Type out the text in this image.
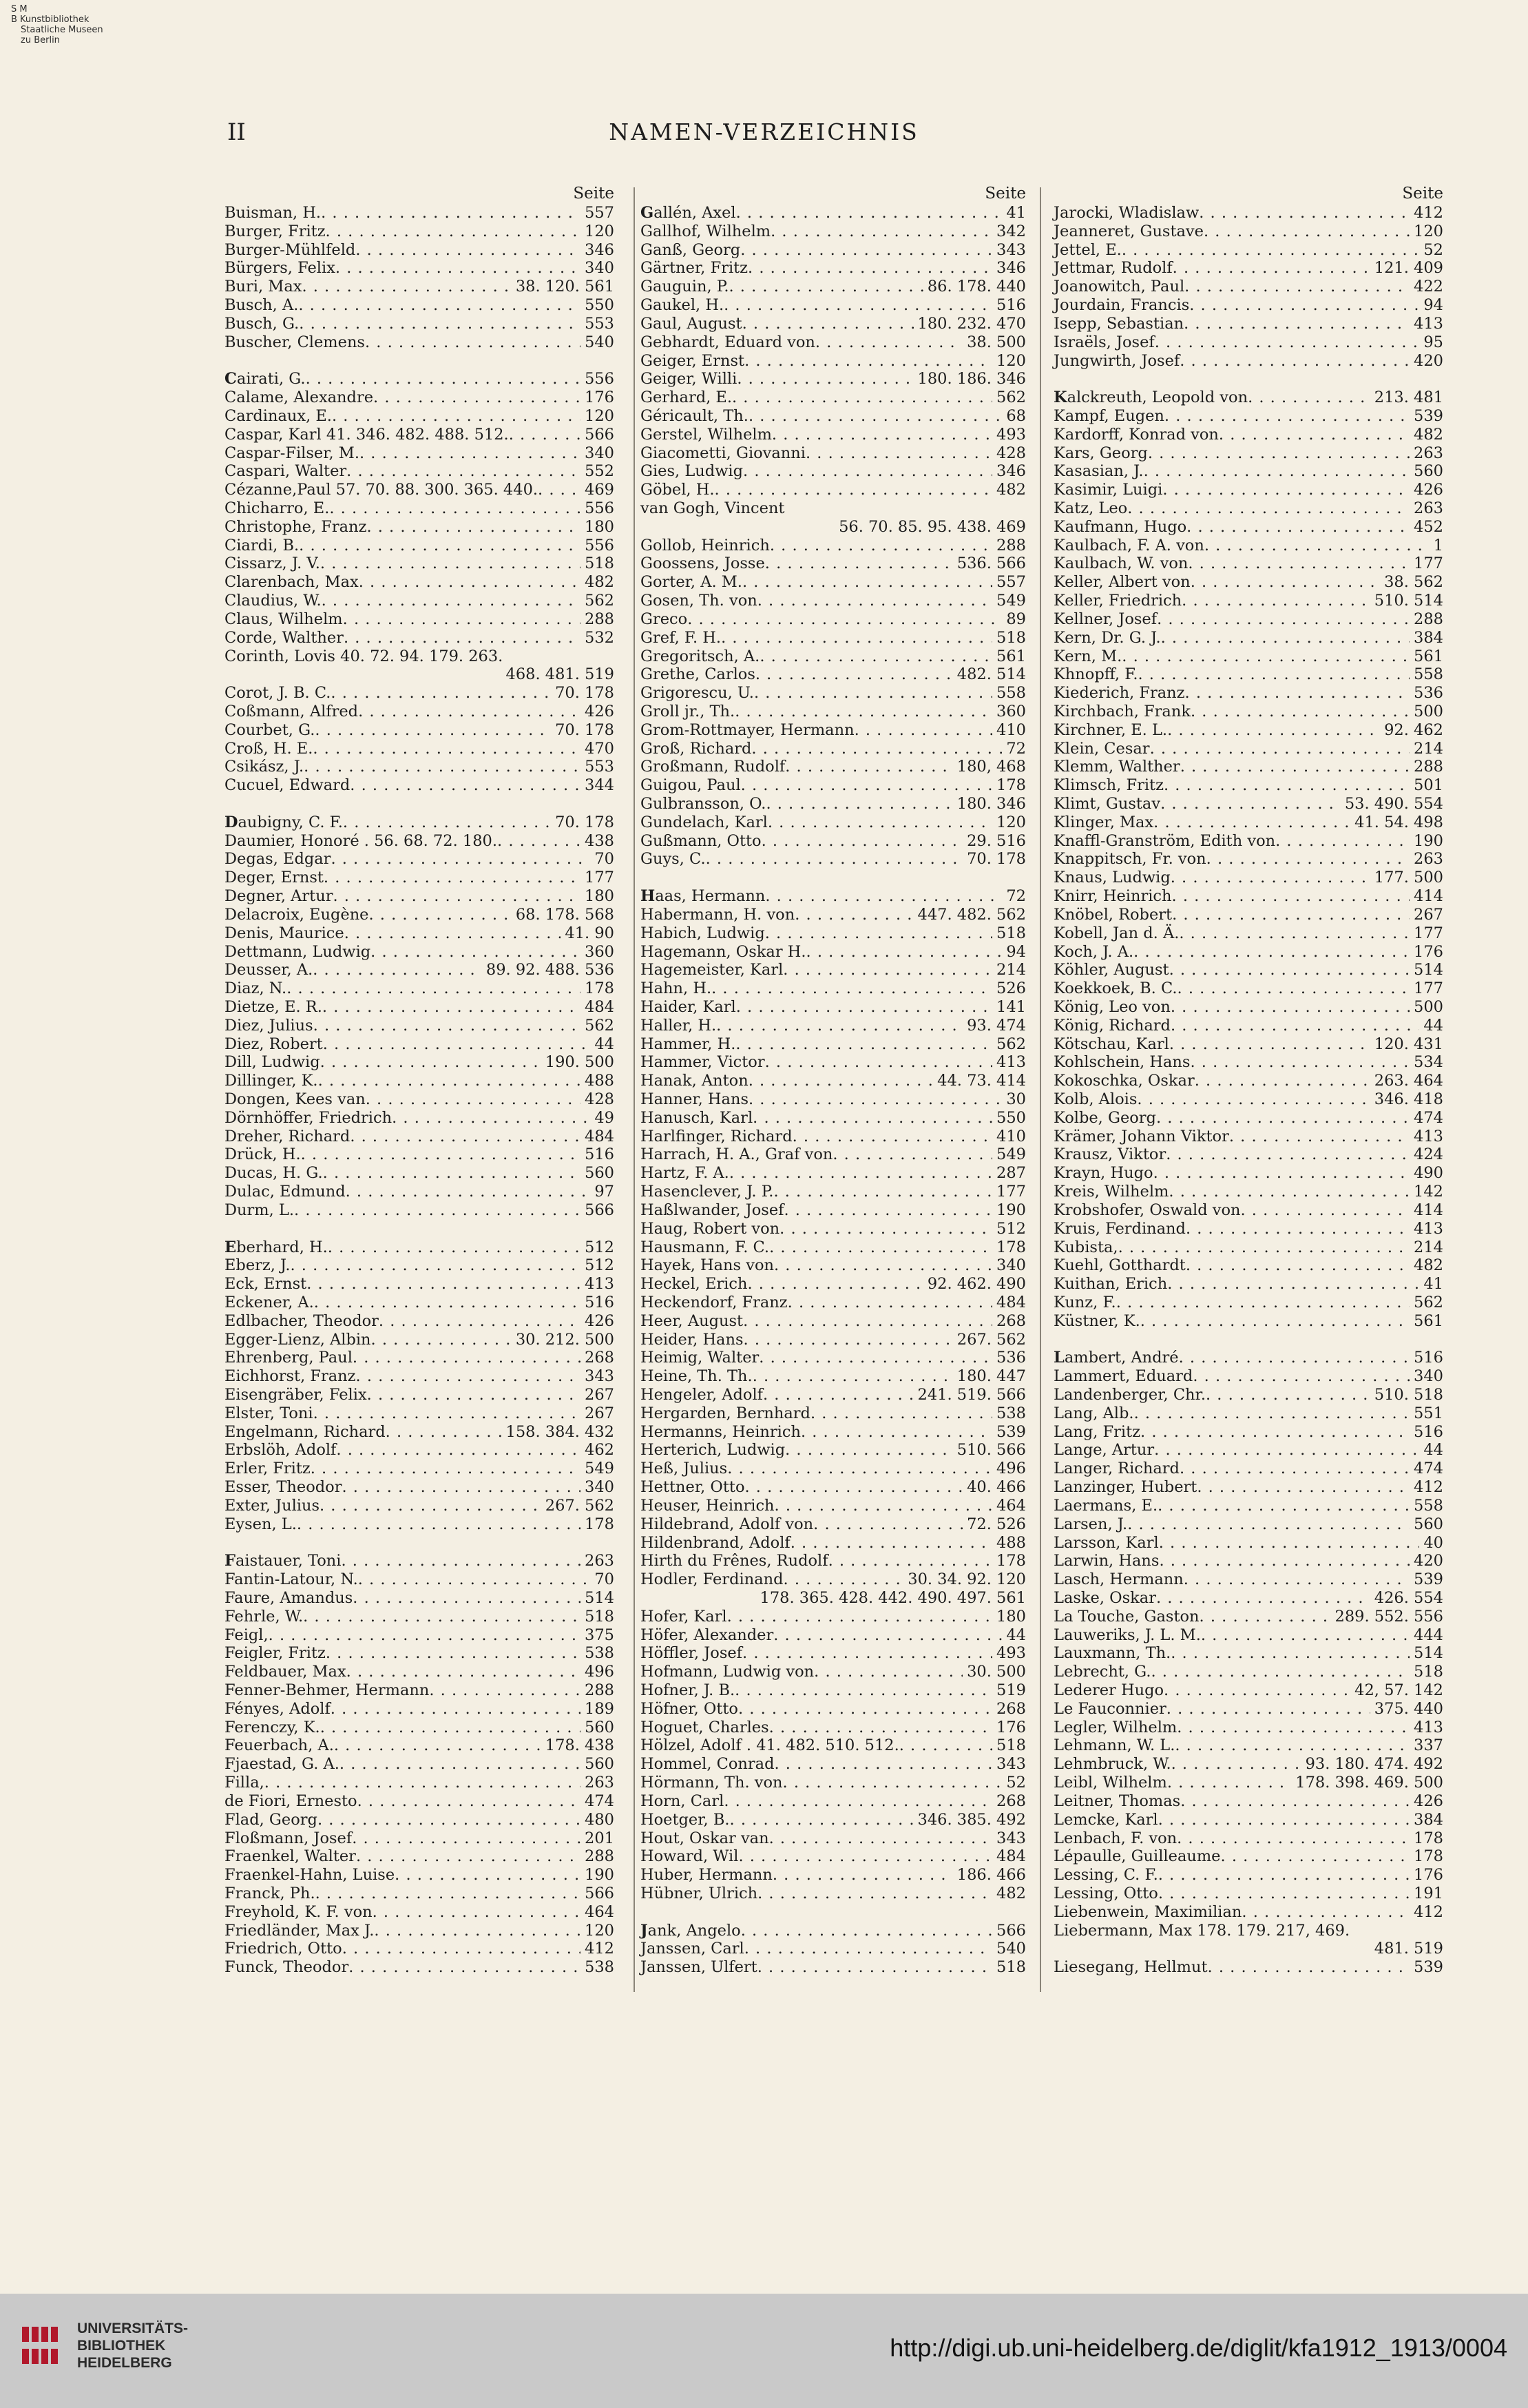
S M
B Kunstbibliothek
Staatliche Museen
zu Berlin
II	NAMEN-VERZEICHNIS
Seite
Buisman, H. . . .	557
Burger, Fritz . . .	120
Burger-Mühlfeld . . .	346
Bürgers, Felix . . .	340
Buri, Max . . .	38. 120. 561
Busch, A. . . .	550
Busch, G. . . .	553
Buscher, Clemens . . .	540
Cairati, G. . . .	556
Calame, Alexandre . . .	176
Cardinaux, E. . . .	120
Caspar, Karl 41. 346. 482. 488. 512. . . .	566
Caspar-Filser, M. . . .	340
Caspari, Walter . . .	552
Cézanne,Paul 57. 70. 88. 300. 365. 440. . . .	469
Chicharro, E. . . .	556
Christophe, Franz . . .	180
Ciardi, B. . . .	556
Cissarz, J. V. . . .	518
Clarenbach, Max . . .	482
Claudius, W. . . .	562
Claus, Wilhelm . . .	288
Corde, Walther . . .	532
Corinth, Lovis 40. 72. 94. 179. 263.
468. 481. 519
Corot, J. B. C. . . .	70. 178
Coßmann, Alfred . . .	426
Courbet, G. . . .	70. 178
Croß, H. E. . . .	470
Csikász, J. . . .	553
Cucuel, Edward . . .	344
Daubigny, C. F. . . .	70. 178
Daumier, Honoré . 56. 68. 72. 180. . . .	438
Degas, Edgar . . .	70
Deger, Ernst . . .	177
Degner, Artur . . .	180
Delacroix, Eugène . . .	68. 178. 568
Denis, Maurice . . .	41. 90
Dettmann, Ludwig . . .	360
Deusser, A. . . .	89. 92. 488. 536
Diaz, N. . . .	178
Dietze, E. R. . . .	484
Diez, Julius . . .	562
Diez, Robert . . .	44
Dill, Ludwig . . .	190. 500
Dillinger, K. . . .	488
Dongen, Kees van . . .	428
Dörnhöffer, Friedrich . . .	49
Dreher, Richard . . .	484
Drück, H. . . .	516
Ducas, H. G. . . .	560
Dulac, Edmund . . .	97
Durm, L. . . .	566
Eberhard, H. . . .	512
Eberz, J. . . .	512
Eck, Ernst . . .	413
Eckener, A. . . .	516
Edlbacher, Theodor . . .	426
Egger-Lienz, Albin . . .	30. 212. 500
Ehrenberg, Paul . . .	268
Eichhorst, Franz . . .	343
Eisengräber, Felix . . .	267
Elster, Toni . . .	267
Engelmann, Richard . . .	158. 384. 432
Erbslöh, Adolf . . .	462
Erler, Fritz . . .	549
Esser, Theodor . . .	340
Exter, Julius . . .	267. 562
Eysen, L. . . .	178
Faistauer, Toni . . .	263
Fantin-Latour, N. . . .	70
Faure, Amandus . . .	514
Fehrle, W. . . .	518
Feigl, . . .	375
Feigler, Fritz . . .	538
Feldbauer, Max . . .	496
Fenner-Behmer, Hermann . . .	288
Fényes, Adolf . . .	189
Ferenczy, K. . . .	560
Feuerbach, A. . . .	178. 438
Fjaestad, G. A. . . .	560
Filla, . . .	263
de Fiori, Ernesto . . .	474
Flad, Georg . . .	480
Floßmann, Josef . . .	201
Fraenkel, Walter . . .	288
Fraenkel-Hahn, Luise . . .	190
Franck, Ph. . . .	566
Freyhold, K. F. von . . .	464
Friedländer, Max J. . . .	120
Friedrich, Otto . . .	412
Funck, Theodor . . .	538
Seite
Gallén, Axel . . .	41
Gallhof, Wilhelm . . .	342
Ganß, Georg . . .	343
Gärtner, Fritz . . .	346
Gauguin, P. . . .	86. 178. 440
Gaukel, H. . . .	516
Gaul, August . . .	180. 232. 470
Gebhardt, Eduard von . . .	38. 500
Geiger, Ernst . . .	120
Geiger, Willi . . .	180. 186. 346
Gerhard, E. . . .	562
Géricault, Th. . . .	68
Gerstel, Wilhelm . . .	493
Giacometti, Giovanni . . .	428
Gies, Ludwig . . .	346
Göbel, H. . . .	482
van Gogh, Vincent
56. 70. 85. 95. 438. 469
Gollob, Heinrich . . .	288
Goossens, Josse . . .	536. 566
Gorter, A. M. . . .	557
Gosen, Th. von . . .	549
Greco . . .	89
Gref, F. H. . . .	518
Gregoritsch, A. . . .	561
Grethe, Carlos . . .	482. 514
Grigorescu, U. . . .	558
Groll jr., Th. . . .	360
Grom-Rottmayer, Hermann . . .	410
Groß, Richard . . .	72
Großmann, Rudolf . . .	180, 468
Guigou, Paul . . .	178
Gulbransson, O. . . .	180. 346
Gundelach, Karl . . .	120
Gußmann, Otto . . .	29. 516
Guys, C. . . .	70. 178
Haas, Hermann . . .	72
Habermann, H. von . . .	447. 482. 562
Habich, Ludwig . . .	518
Hagemann, Oskar H. . . .	94
Hagemeister, Karl . . .	214
Hahn, H. . . .	526
Haider, Karl . . .	141
Haller, H. . . .	93. 474
Hammer, H. . . .	562
Hammer, Victor . . .	413
Hanak, Anton . . .	44. 73. 414
Hanner, Hans . . .	30
Hanusch, Karl . . .	550
Harlfinger, Richard . . .	410
Harrach, H. A., Graf von . . .	549
Hartz, F. A. . . .	287
Hasenclever, J. P. . . .	177
Haßlwander, Josef . . .	190
Haug, Robert von . . .	512
Hausmann, F. C. . . .	178
Hayek, Hans von . . .	340
Heckel, Erich . . .	92. 462. 490
Heckendorf, Franz . . .	484
Heer, August . . .	268
Heider, Hans . . .	267. 562
Heimig, Walter . . .	536
Heine, Th. Th. . . .	180. 447
Hengeler, Adolf . . .	241. 519. 566
Hergarden, Bernhard . . .	538
Hermanns, Heinrich . . .	539
Herterich, Ludwig . . .	510. 566
Heß, Julius . . .	496
Hettner, Otto . . .	40. 466
Heuser, Heinrich . . .	464
Hildebrand, Adolf von . . .	72. 526
Hildenbrand, Adolf . . .	488
Hirth du Frênes, Rudolf . . .	178
Hodler, Ferdinand . . .	30. 34. 92. 120
178. 365. 428. 442. 490. 497. 561
Hofer, Karl . . .	180
Höfer, Alexander . . .	44
Höffler, Josef . . .	493
Hofmann, Ludwig von . . .	30. 500
Hofner, J. B. . . .	519
Höfner, Otto . . .	268
Hoguet, Charles . . .	176
Hölzel, Adolf . 41. 482. 510. 512. . . .	518
Hommel, Conrad . . .	343
Hörmann, Th. von . . .	52
Horn, Carl . . .	268
Hoetger, B. . . .	346. 385. 492
Hout, Oskar van . . .	343
Howard, Wil . . .	484
Huber, Hermann . . .	186. 466
Hübner, Ulrich . . .	482
Jank, Angelo . . .	566
Janssen, Carl . . .	540
Janssen, Ulfert . . .	518
Seite
Jarocki, Wladislaw . . .	412
Jeanneret, Gustave . . .	120
Jettel, E. . . .	52
Jettmar, Rudolf . . .	121. 409
Joanowitch, Paul . . .	422
Jourdain, Francis . . .	94
Isepp, Sebastian . . .	413
Israëls, Josef . . .	95
Jungwirth, Josef . . .	420
Kalckreuth, Leopold von . . .	213. 481
Kampf, Eugen . . .	539
Kardorff, Konrad von . . .	482
Kars, Georg . . .	263
Kasasian, J. . . .	560
Kasimir, Luigi . . .	426
Katz, Leo . . .	263
Kaufmann, Hugo . . .	452
Kaulbach, F. A. von . . .	1
Kaulbach, W. von . . .	177
Keller, Albert von . . .	38. 562
Keller, Friedrich . . .	510. 514
Kellner, Josef . . .	288
Kern, Dr. G. J. . . .	384
Kern, M. . . .	561
Khnopff, F. . . .	558
Kiederich, Franz . . .	536
Kirchbach, Frank . . .	500
Kirchner, E. L. . . .	92. 462
Klein, Cesar . . .	214
Klemm, Walther . . .	288
Klimsch, Fritz . . .	501
Klimt, Gustav . . .	53. 490. 554
Klinger, Max . . .	41. 54. 498
Knaffl-Granström, Edith von . . .	190
Knappitsch, Fr. von . . .	263
Knaus, Ludwig . . .	177. 500
Knirr, Heinrich . . .	414
Knöbel, Robert . . .	267
Kobell, Jan d. Ä. . . .	177
Koch, J. A. . . .	176
Köhler, August . . .	514
Koekkoek, B. C. . . .	177
König, Leo von . . .	500
König, Richard . . .	44
Kötschau, Karl . . .	120. 431
Kohlschein, Hans . . .	534
Kokoschka, Oskar . . .	263. 464
Kolb, Alois . . .	346. 418
Kolbe, Georg . . .	474
Krämer, Johann Viktor . . .	413
Krausz, Viktor . . .	424
Krayn, Hugo . . .	490
Kreis, Wilhelm . . .	142
Krobshofer, Oswald von . . .	414
Kruis, Ferdinand . . .	413
Kubista, . . .	214
Kuehl, Gotthardt . . .	482
Kuithan, Erich . . .	41
Kunz, F. . . .	562
Küstner, K. . . .	561
Lambert, André . . .	516
Lammert, Eduard . . .	340
Landenberger, Chr. . . .	510. 518
Lang, Alb. . . .	551
Lang, Fritz . . .	516
Lange, Artur . . .	44
Langer, Richard . . .	474
Lanzinger, Hubert . . .	412
Laermans, E. . . .	558
Larsen, J. . . .	560
Larsson, Karl . . .	40
Larwin, Hans . . .	420
Lasch, Hermann . . .	539
Laske, Oskar . . .	426. 554
La Touche, Gaston . . .	289. 552. 556
Lauweriks, J. L. M. . . .	444
Lauxmann, Th. . . .	514
Lebrecht, G. . . .	518
Lederer Hugo . . .	42, 57. 142
Le Fauconnier . . .	375. 440
Legler, Wilhelm . . .	413
Lehmann, W. L. . . .	337
Lehmbruck, W. . . .	93. 180. 474. 492
Leibl, Wilhelm . . .	178. 398. 469. 500
Leitner, Thomas . . .	426
Lemcke, Karl . . .	384
Lenbach, F. von . . .	178
Lépaulle, Guilleaume . . .	178
Lessing, C. F. . . .	176
Lessing, Otto . . .	191
Liebenwein, Maximilian . . .	412
Liebermann, Max 178. 179. 217, 469.
481. 519
Liesegang, Hellmut . . .	539
UNIVERSITÄTS-
BIBLIOTHEK
HEIDELBERG
http://digi.ub.uni-heidelberg.de/diglit/kfa1912_1913/0004
